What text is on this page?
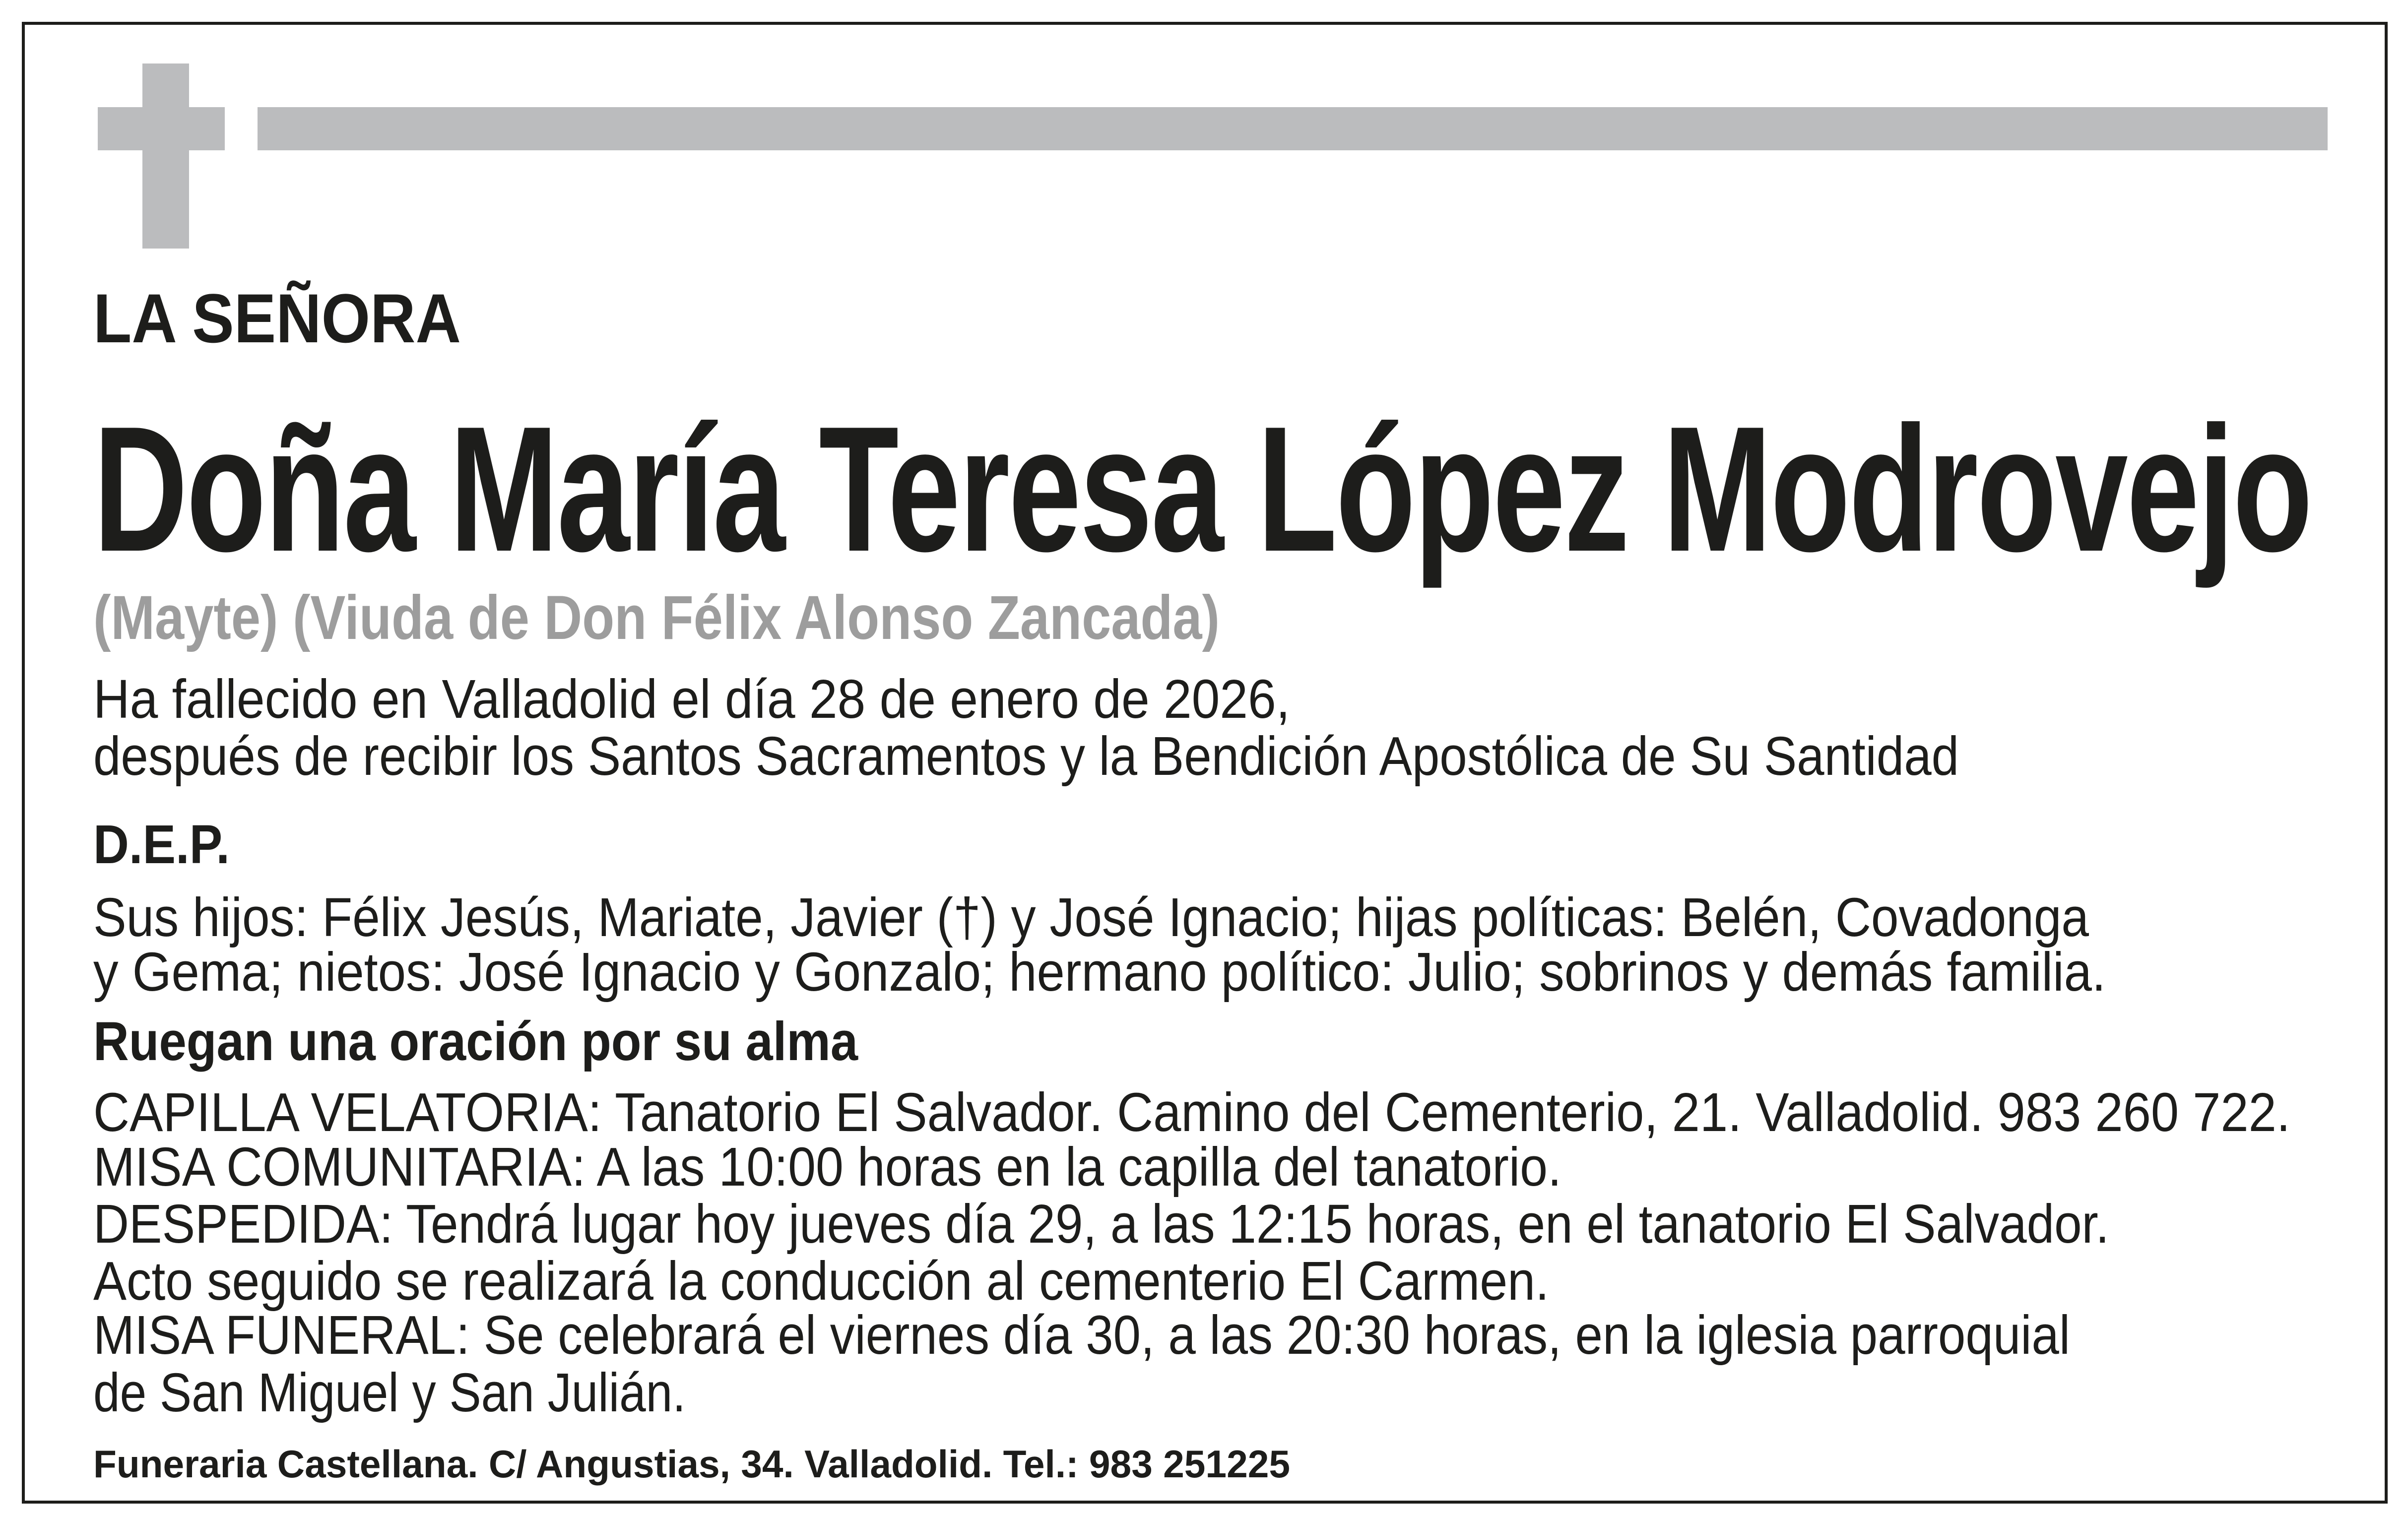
LA SEÑORA
Doña María Teresa López Modrovejo
(Mayte) (Viuda de Don Félix Alonso Zancada)
Ha fallecido en Valladolid el día 28 de enero de 2026,
después de recibir los Santos Sacramentos y la Bendición Apostólica de Su Santidad
D.E.P.
Sus hijos: Félix Jesús, Mariate, Javier (†) y José Ignacio; hijas políticas: Belén, Covadonga
y Gema; nietos: José Ignacio y Gonzalo; hermano político: Julio; sobrinos y demás familia.
Ruegan una oración por su alma
CAPILLA VELATORIA: Tanatorio El Salvador. Camino del Cementerio, 21. Valladolid. 983 260 722.
MISA COMUNITARIA: A las 10:00 horas en la capilla del tanatorio.
DESPEDIDA: Tendrá lugar hoy jueves día 29, a las 12:15 horas, en el tanatorio El Salvador.
Acto seguido se realizará la conducción al cementerio El Carmen.
MISA FUNERAL: Se celebrará el viernes día 30, a las 20:30 horas, en la iglesia parroquial
de San Miguel y San Julián.
Funeraria Castellana. C/ Angustias, 34. Valladolid. Tel.: 983 251225
